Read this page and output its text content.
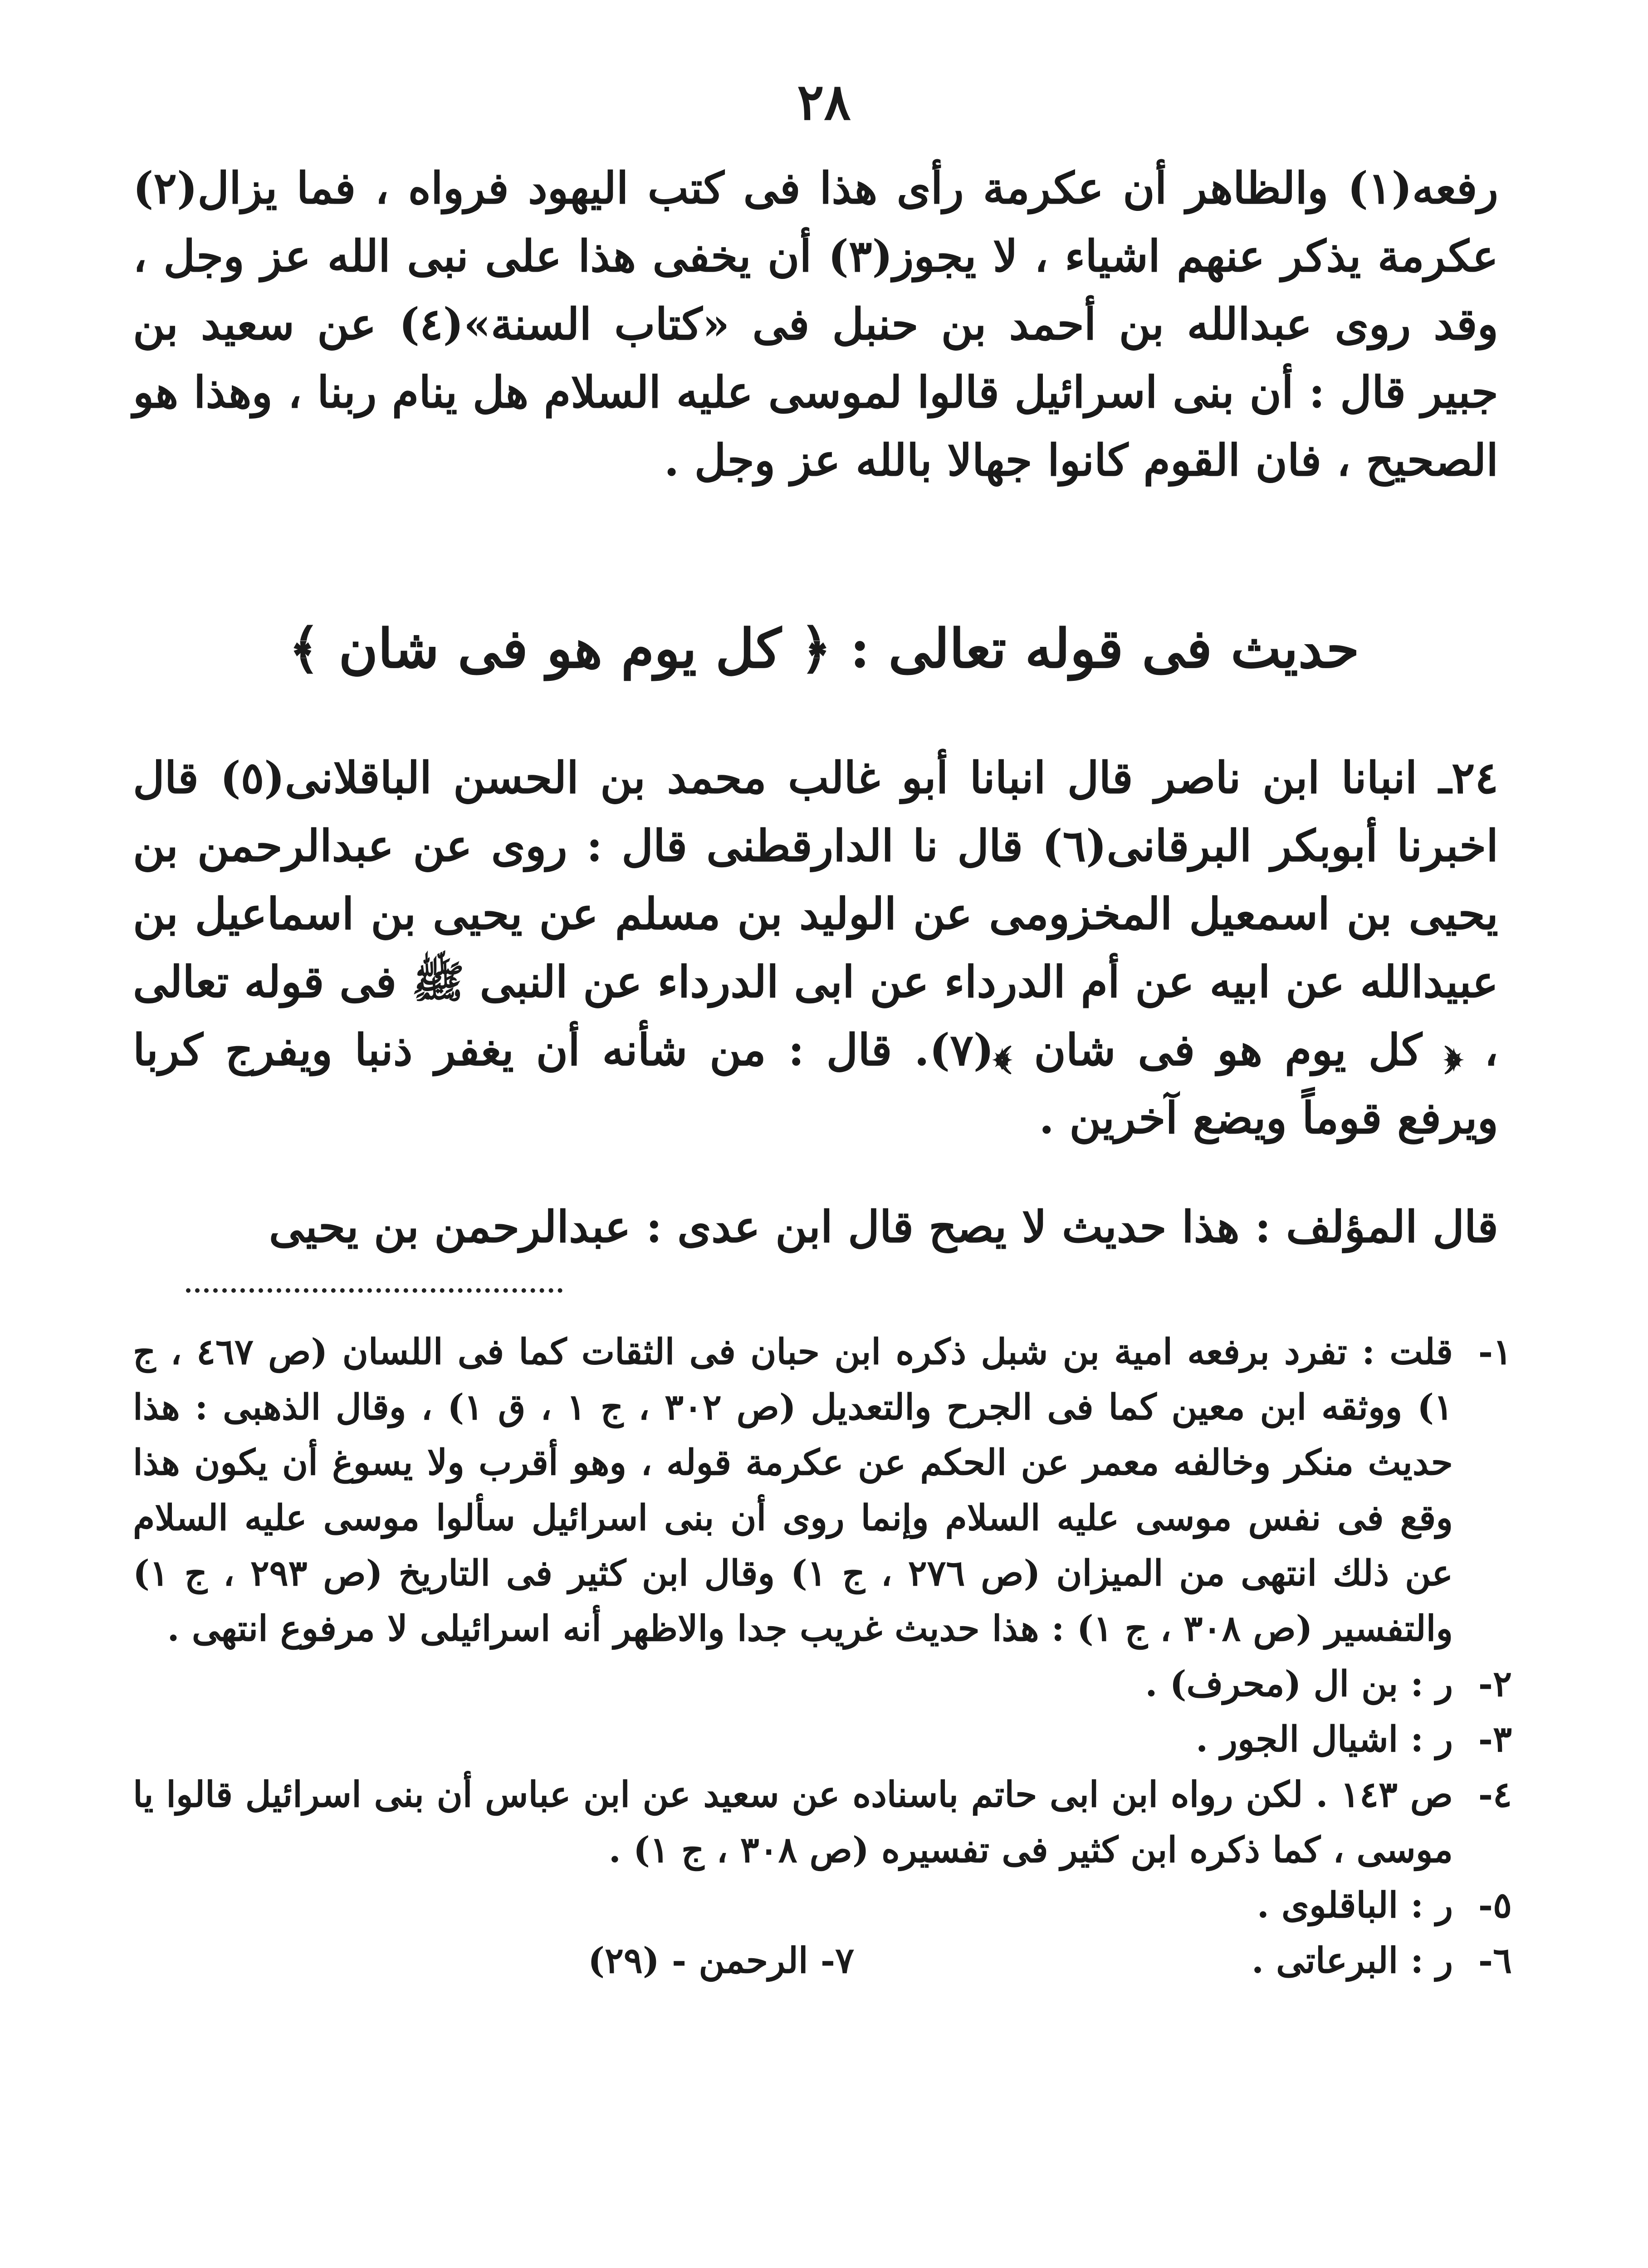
٢٨
رفعه(١) والظاهر أن عكرمة رأى هذا فى كتب اليهود فرواه ، فما يزال(٢) عكرمة يذكر عنهم اشياء ، لا يجوز(٣) أن يخفى هذا على نبى الله عز وجل ، وقد روى عبدالله بن أحمد بن حنبل فى «كتاب السنة»(٤) عن سعيد بن جبير قال : أن بنى اسرائيل قالوا لموسى عليه السلام هل ينام ربنا ، وهذا هو الصحيح ، فان القوم كانوا جهالا بالله عز وجل .
حديث فى قوله تعالى : ﴿ كل يوم هو فى شان ﴾
٢٤ـ انبانا ابن ناصر قال انبانا أبو غالب محمد بن الحسن الباقلانى(٥) قال اخبرنا أبوبكر البرقانى(٦) قال نا الدارقطنى قال : روى عن عبدالرحمن بن يحيى بن اسمعيل المخزومى عن الوليد بن مسلم عن يحيى بن اسماعيل بن عبيدالله عن ابيه عن أم الدرداء عن ابى الدرداء عن النبى ﷺ فى قوله تعالى ، ﴿ كل يوم هو فى شان ﴾(٧). قال : من شأنه أن يغفر ذنبا ويفرج كربا ويرفع قوماً ويضع آخرين .
قال المؤلف : هذا حديث لا يصح قال ابن عدى : عبدالرحمن بن يحيى
١-
قلت : تفرد برفعه امية بن شبل ذكره ابن حبان فى الثقات كما فى اللسان (ص ٤٦٧ ، ج ١) ووثقه ابن معين كما فى الجرح والتعديل (ص ٣٠٢ ، ج ١ ، ق ١) ، وقال الذهبى : هذا حديث منكر وخالفه معمر عن الحكم عن عكرمة قوله ، وهو أقرب ولا يسوغ أن يكون هذا وقع فى نفس موسى عليه السلام وإنما روى أن بنى اسرائيل سألوا موسى عليه السلام عن ذلك انتهى من الميزان (ص ٢٧٦ ، ج ١) وقال ابن كثير فى التاريخ (ص ٢٩٣ ، ج ١) والتفسير (ص ٣٠٨ ، ج ١) : هذا حديث غريب جدا والاظهر أنه اسرائيلى لا مرفوع انتهى .
٢-
ر : بن ال (محرف) .
٣-
ر : اشيال الجور .
٤-
ص ١٤٣ . لكن رواه ابن ابى حاتم باسناده عن سعيد عن ابن عباس أن بنى اسرائيل قالوا يا موسى ، كما ذكره ابن كثير فى تفسيره (ص ٣٠٨ ، ج ١) .
٥-
ر : الباقلوى .
٦-
ر : البرعاتى .
٧- الرحمن - (٢٩)
